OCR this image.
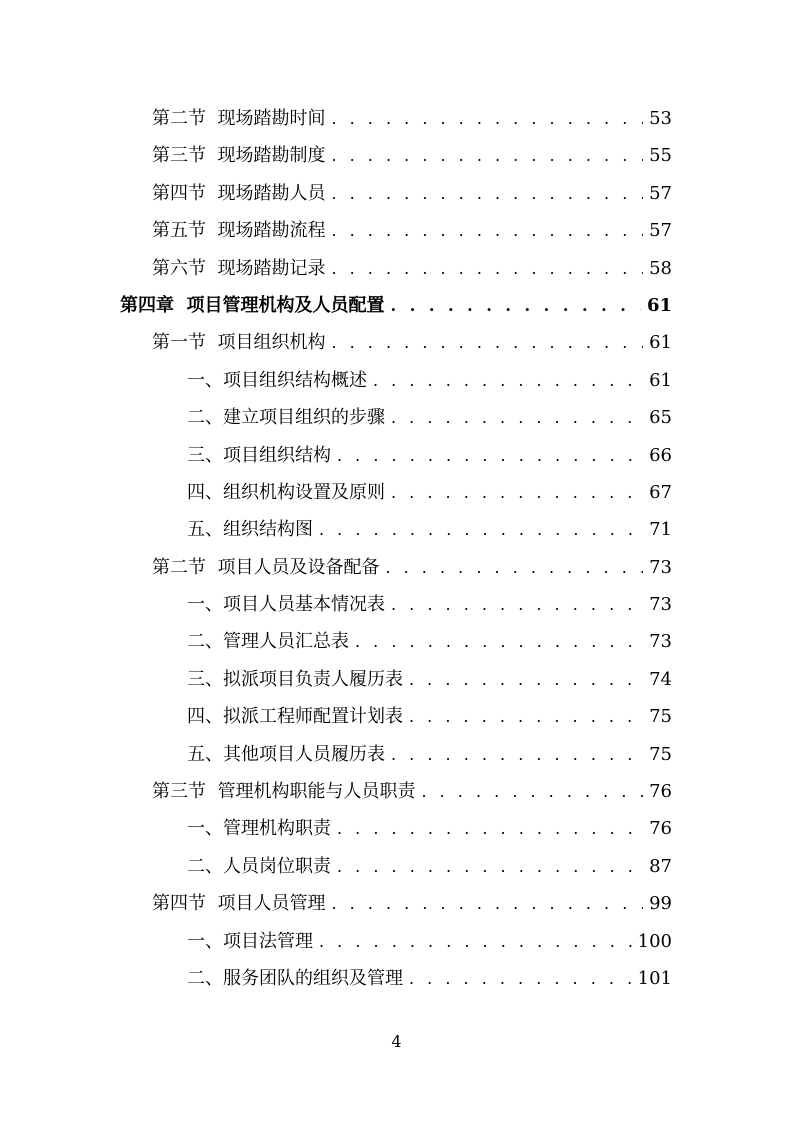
第二节  现场踏勘时间 . . .	53
第三节  现场踏勘制度 . . .	55
第四节  现场踏勘人员 . . .	57
第五节  现场踏勘流程 . . .	57
第六节  现场踏勘记录 . . .	58
第四章  项目管理机构及人员配置 . . .	61
第一节  项目组织机构 . . .	61
一、项目组织结构概述 . . .	61
二、建立项目组织的步骤 . . .	65
三、项目组织结构 . . .	66
四、组织机构设置及原则 . . .	67
五、组织结构图 . . .	71
第二节  项目人员及设备配备 . . .	73
一、项目人员基本情况表 . . .	73
二、管理人员汇总表 . . .	73
三、拟派项目负责人履历表 . . .	74
四、拟派工程师配置计划表 . . .	75
五、其他项目人员履历表 . . .	75
第三节  管理机构职能与人员职责 . . .	76
一、管理机构职责 . . .	76
二、人员岗位职责 . . .	87
第四节  项目人员管理 . . .	99
一、项目法管理 . . .	100
二、服务团队的组织及管理 . . .	101
4
